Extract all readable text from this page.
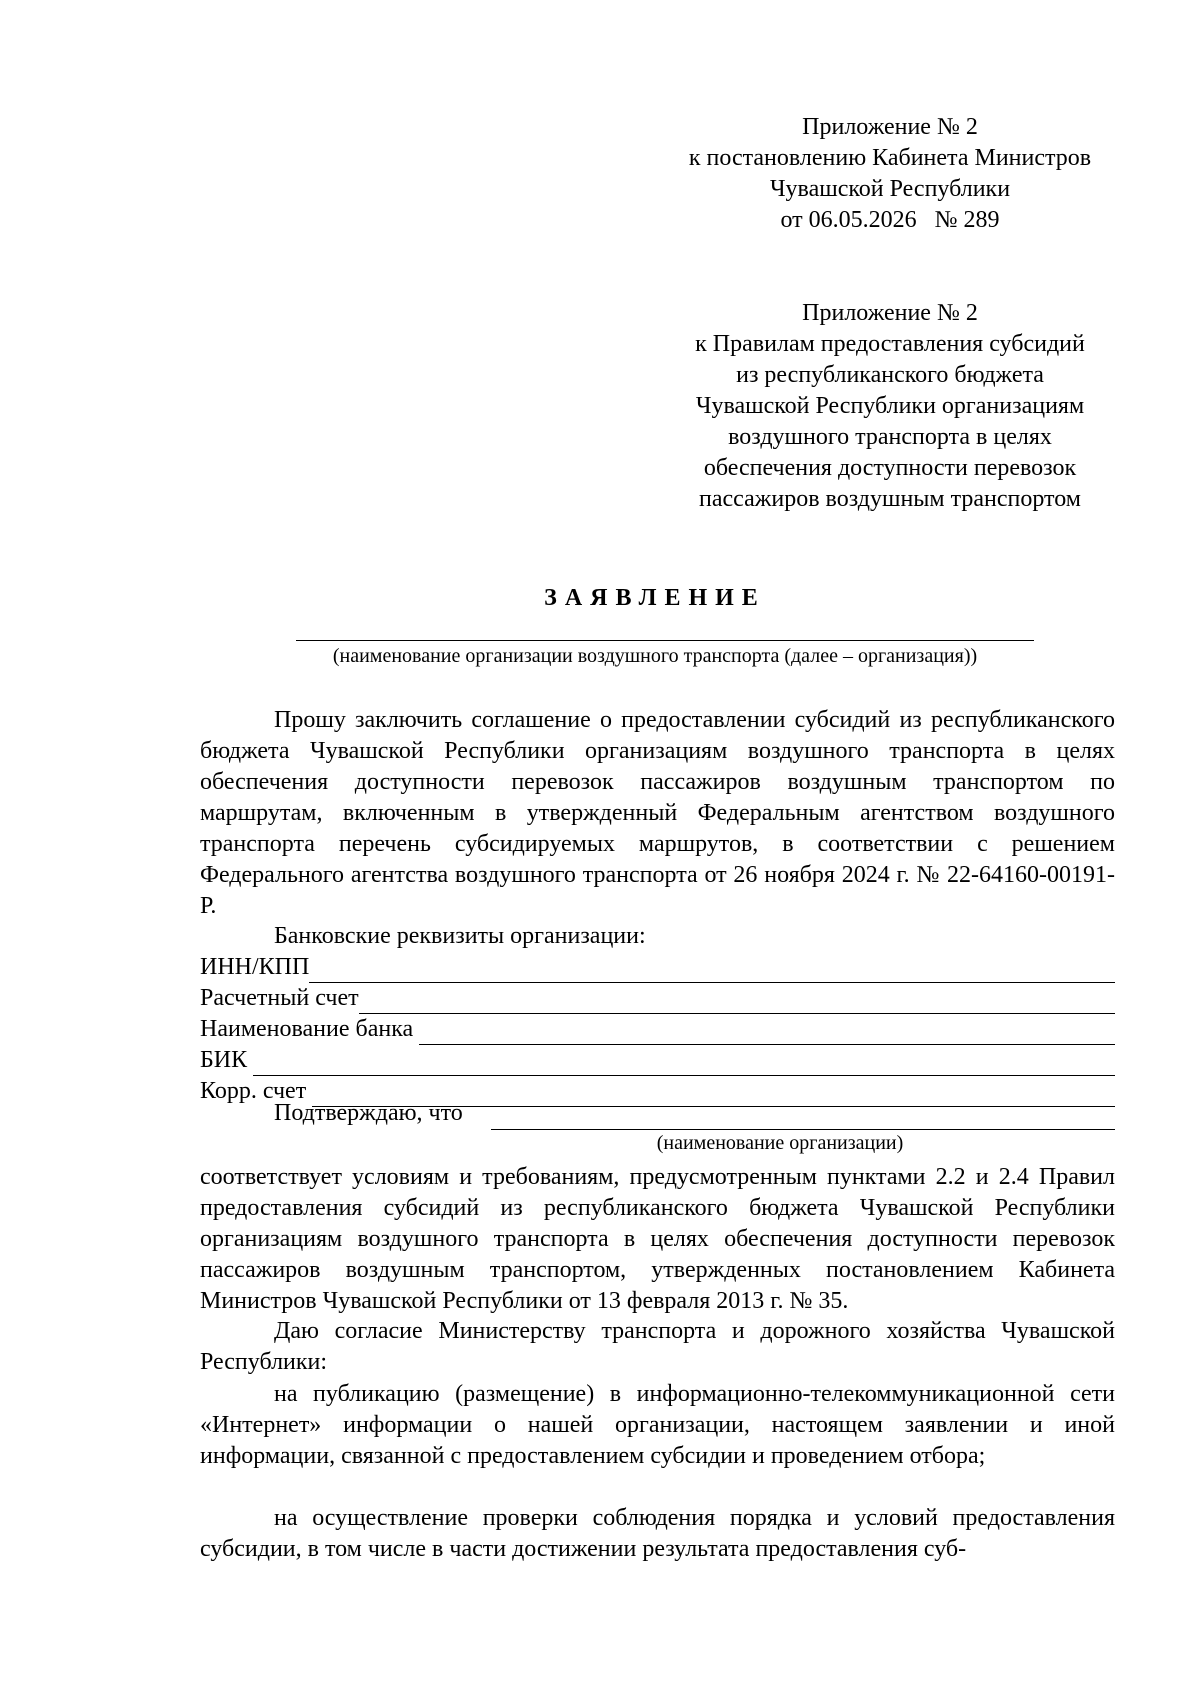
Приложение № 2
к постановлению Кабинета Министров
Чувашской Республики
от 06.05.2026   № 289
Приложение № 2
к Правилам предоставления субсидий
из республиканского бюджета
Чувашской Республики организациям
воздушного транспорта в целях
обеспечения доступности перевозок
пассажиров воздушным транспортом
ЗАЯВЛЕНИЕ
(наименование организации воздушного транспорта (далее – организация))

Прошу заключить соглашение о предоставлении субсидий из республиканского бюджета Чувашской Республики организациям воздушного транспорта в целях обеспечения доступности перевозок пассажиров воздушным транспортом по маршрутам, включенным в утвержденный Федеральным агентством воздушного транспорта перечень субсидируемых маршрутов, в соответствии с решением Федерального агентства воздушного транспорта от 26 ноября 2024 г. № 22-64160-00191-Р.

Банковские реквизиты организации:

ИНН/КПП
Расчетный счет
Наименование банка
БИК
Корр. счет

Подтверждаю, что

(наименование организации)

соответствует условиям и требованиям, предусмотренным пунктами 2.2 и 2.4 Правил предоставления субсидий из республиканского бюджета Чувашской Республики организациям воздушного транспорта в целях обеспечения доступности перевозок пассажиров воздушным транспортом, утвержденных постановлением Кабинета Министров Чувашской Республики от 13 февраля 2013 г. № 35.

Даю согласие Министерству транспорта и дорожного хозяйства Чувашской Республики:

на публикацию (размещение) в информационно-телекоммуникационной сети «Интернет» информации о нашей организации, настоящем заявлении и иной информации, связанной с предоставлением субсидии и проведением отбора;

на осуществление проверки соблюдения порядка и условий предоставления субсидии, в том числе в части достижении результата предоставления суб-
